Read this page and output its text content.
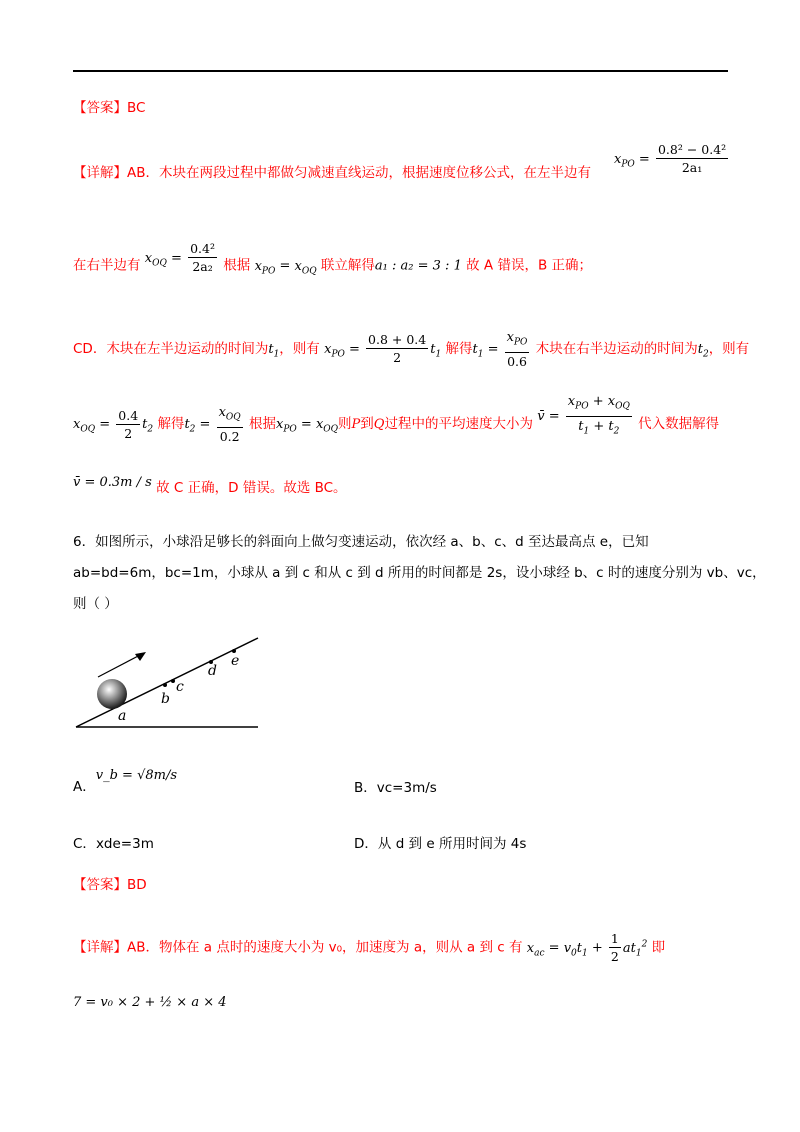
【答案】BC
【详解】AB．木块在两段过程中都做匀减速直线运动，根据速度位移公式，在左半边有
$x_{PO} = \frac{\text{0.8² − 0.4²}}{\text{2a₁}}$
在右半边有 $x_{OQ} = \frac{\text{0.4²}}{\text{2a₂}}$ 根据 $x_{PO} = x_{OQ}$ 联立解得a₁ : a₂ = 3 : 1 故 A 错误，B 正确；
CD．木块在左半边运动的时间为$t_1$，则有 $x_{PO} = \frac{0.8 + 0.4}{2} t_1$ 解得$t_1 = \frac{x_{PO}}{0.6}$ 木块在右半边运动的时间为$t_2$，则有
$x_{OQ} = \frac{0.4}{2} t_2$ 解得$t_2 = \frac{x_{OQ}}{0.2}$ 根据$x_{PO} = x_{OQ}$则P到Q过程中的平均速度大小为 v̄ = $\frac{x_{PO} + x_{OQ}}{t_1 + t_2}$ 代入数据解得
v̄ = 0.3m / s 故 C 正确，D 错误。故选 BC。
6．如图所示，小球沿足够长的斜面向上做匀变速运动，依次经 a、b、c、d 至达最高点 e，已知
ab=bd=6m，bc=1m，小球从 a 到 c 和从 c 到 d 所用的时间都是 2s，设小球经 b、c 时的速度分别为 vb、vc，
则（ ）
a
b
c
d
e
A．v_b = √8m/s
B．vc=3m/s
C．xde=3m	D．从 d 到 e 所用时间为 4s
【答案】BD
【详解】AB．物体在 a 点时的速度大小为 v₀，加速度为 a，则从 a 到 c 有 $x_{ac} = v_0t_1 + \frac{1}{2} at_1^2$ 即
7 = v₀ × 2 + ½ × a × 4
